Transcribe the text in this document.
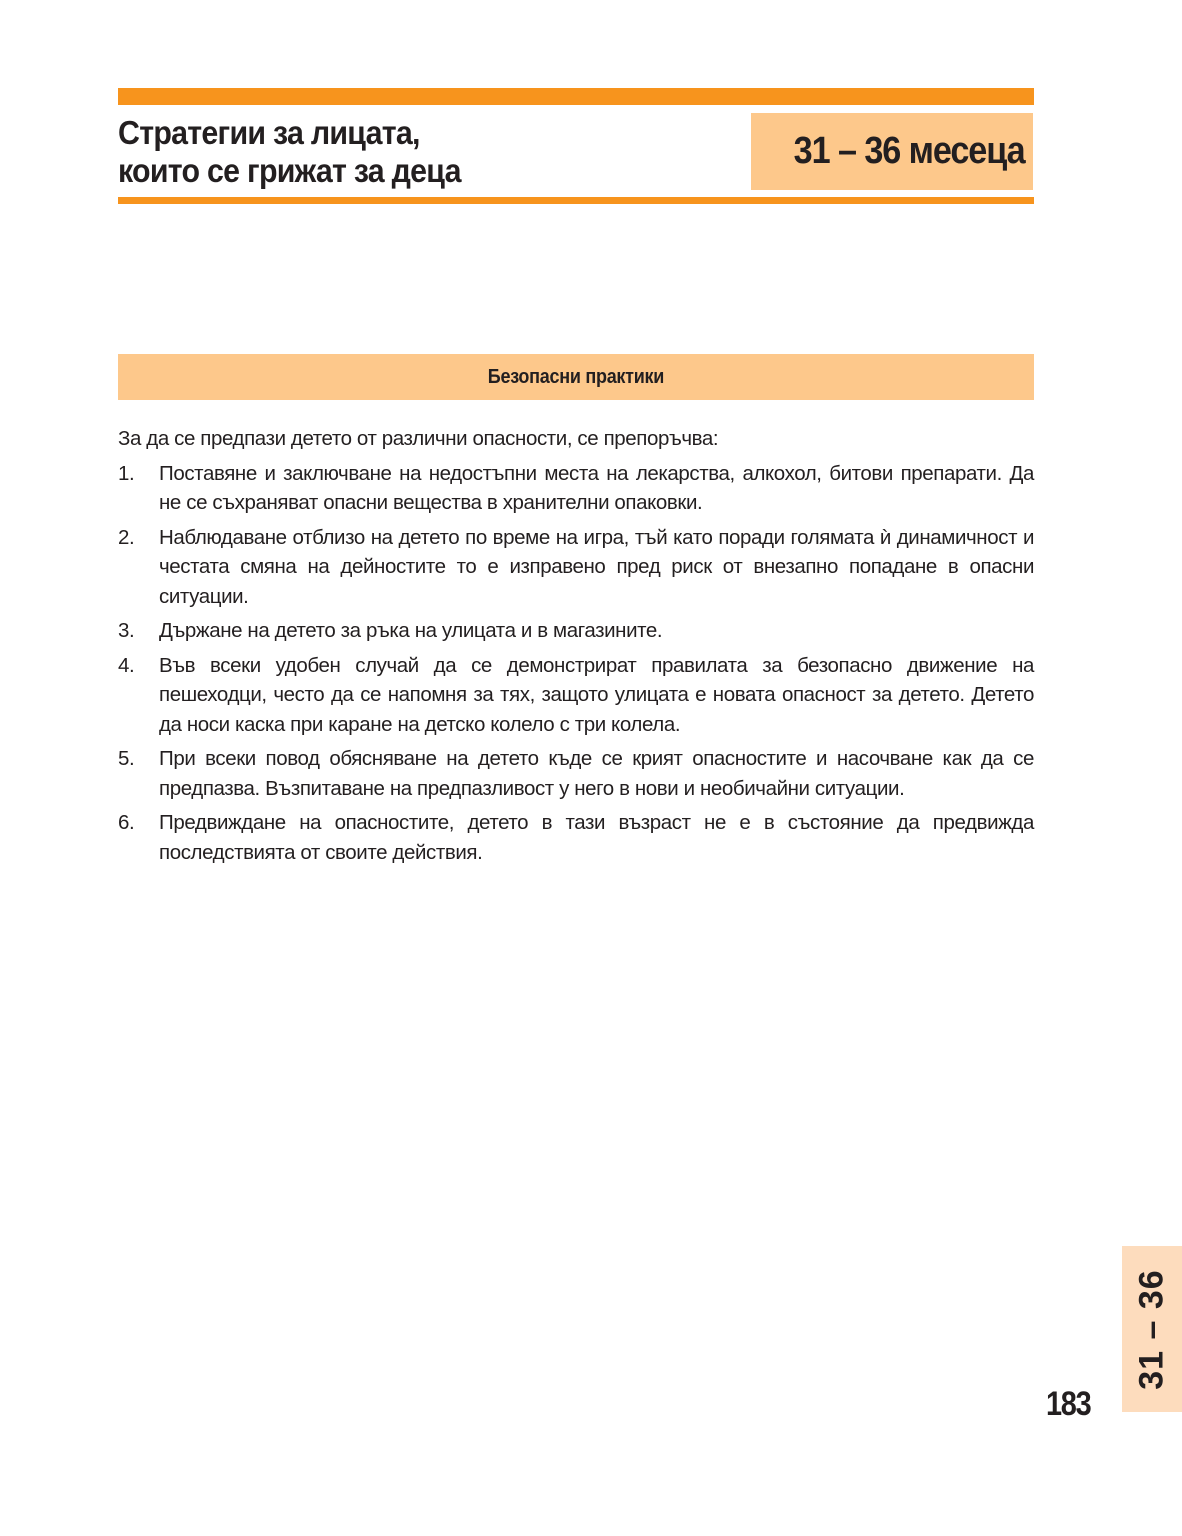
Стратегии за лицата,
които се грижат за деца	31 – 36 месеца
Безопасни практики

За да се предпази детето от различни опасности, се препоръчва:

1. Поставяне и заключване на недостъпни места на лекарства, алкохол, битови препарати. Да не се съхраняват опасни вещества в хранителни опаковки.
2. Наблюдаване отблизо на детето по време на игра, тъй като поради голямата ѝ динамичност и честата смяна на дейностите то е изправено пред риск от внезапно попадане в опасни ситуации.
3. Държане на детето за ръка на улицата и в магазините.
4. Във всеки удобен случай да се демонстрират правилата за безопасно движение на пешеходци, често да се напомня за тях, защото улицата е новата опасност за детето. Детето да носи каска при каране на детско колело с три колела.
5. При всеки повод обясняване на детето къде се крият опасностите и насочване как да се предпазва. Възпитаване на предпазливост у него в нови и необичайни ситуации.
6. Предвиждане на опасностите, детето в тази възраст не е в състояние да предвижда последствията от своите действия.
31 – 36
183
